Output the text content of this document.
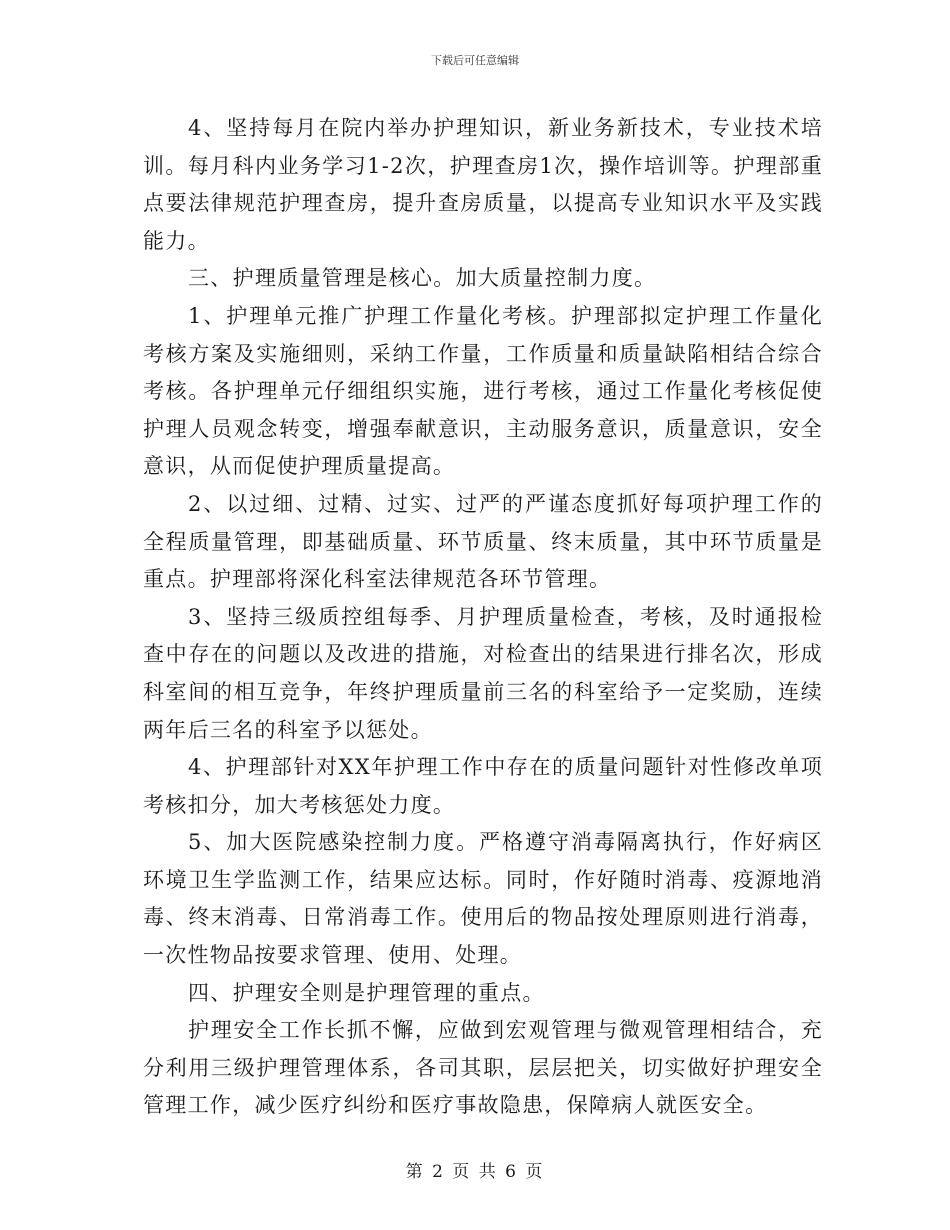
下载后可任意编辑

4、坚持每月在院内举办护理知识，新业务新技术，专业技术培训。每月科内业务学习1-2次，护理查房1次，操作培训等。护理部重点要法律规范护理查房，提升查房质量，以提高专业知识水平及实践能力。

三、护理质量管理是核心。加大质量控制力度。

1、护理单元推广护理工作量化考核。护理部拟定护理工作量化考核方案及实施细则，采纳工作量，工作质量和质量缺陷相结合综合考核。各护理单元仔细组织实施，进行考核，通过工作量化考核促使护理人员观念转变，增强奉献意识，主动服务意识，质量意识，安全意识，从而促使护理质量提高。

2、以过细、过精、过实、过严的严谨态度抓好每项护理工作的全程质量管理，即基础质量、环节质量、终末质量，其中环节质量是重点。护理部将深化科室法律规范各环节管理。

3、坚持三级质控组每季、月护理质量检查，考核，及时通报检查中存在的问题以及改进的措施，对检查出的结果进行排名次，形成科室间的相互竞争，年终护理质量前三名的科室给予一定奖励，连续两年后三名的科室予以惩处。

4、护理部针对XX年护理工作中存在的质量问题针对性修改单项考核扣分，加大考核惩处力度。

5、加大医院感染控制力度。严格遵守消毒隔离执行，作好病区环境卫生学监测工作，结果应达标。同时，作好随时消毒、疫源地消毒、终末消毒、日常消毒工作。使用后的物品按处理原则进行消毒，一次性物品按要求管理、使用、处理。

四、护理安全则是护理管理的重点。

护理安全工作长抓不懈，应做到宏观管理与微观管理相结合，充分利用三级护理管理体系，各司其职，层层把关，切实做好护理安全管理工作，减少医疗纠纷和医疗事故隐患，保障病人就医安全。

第 2 页 共 6 页
